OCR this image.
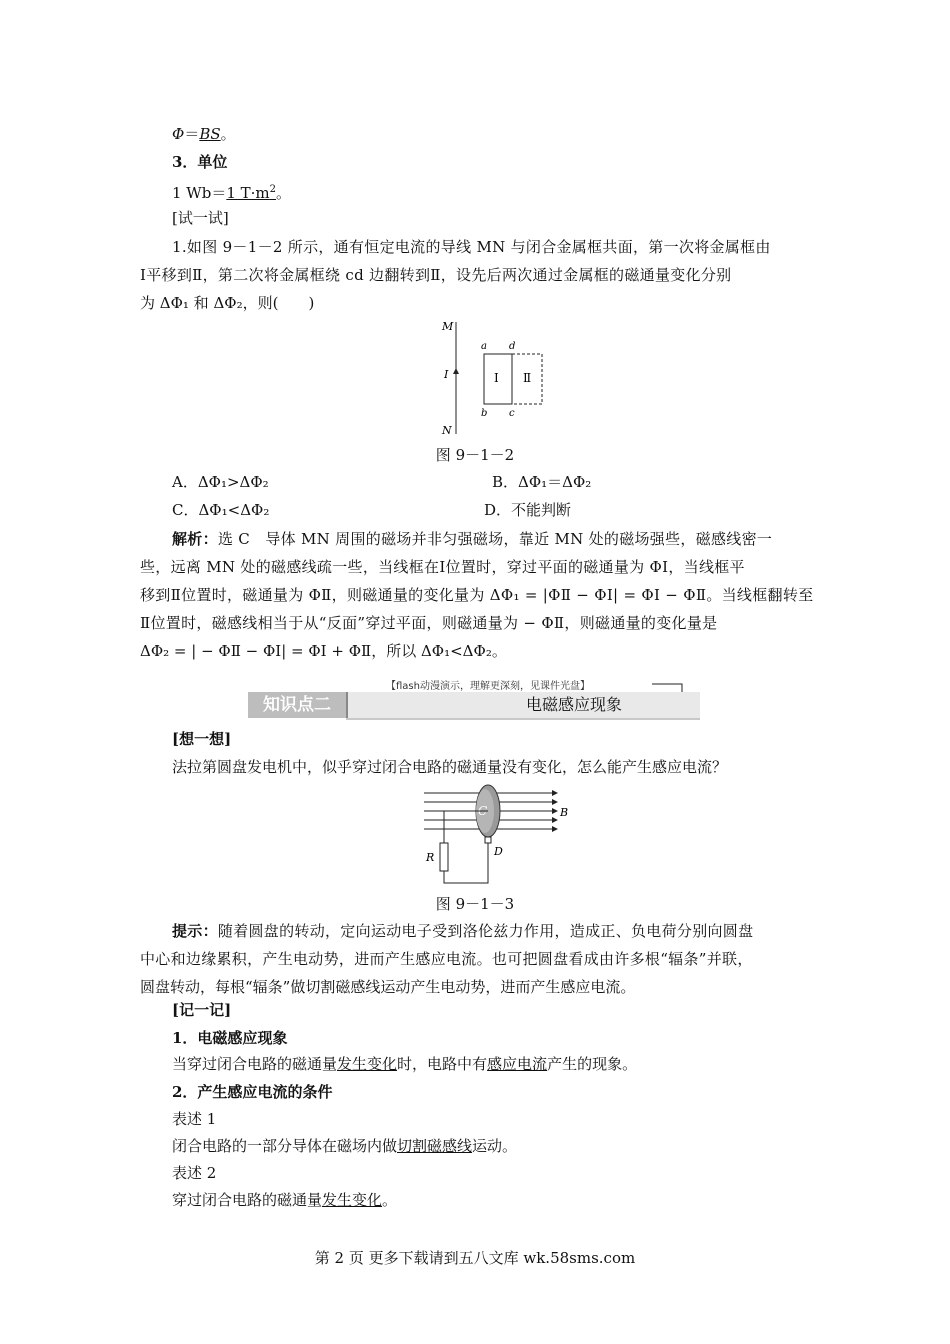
Φ＝BS。
3．单位
1 Wb＝1 $T\cdot m^2$。
[试一试]
1.如图 9－1－2 所示，通有恒定电流的导线 MN 与闭合金属框共面，第一次将金属框由
Ⅰ平移到Ⅱ，第二次将金属框绕 cd 边翻转到Ⅱ，设先后两次通过金属框的磁通量变化分别
为 ΔΦ₁ 和 ΔΦ₂，则(　　)
M
I
N
a d
b c
Ⅰ Ⅱ
图 9－1－2
A．ΔΦ₁>ΔΦ₂	B．ΔΦ₁＝ΔΦ₂
C．ΔΦ₁<ΔΦ₂	D．不能判断
解析：选 C　导体 MN 周围的磁场并非匀强磁场，靠近 MN 处的磁场强些，磁感线密一
些，远离 MN 处的磁感线疏一些，当线框在Ⅰ位置时，穿过平面的磁通量为 ΦⅠ，当线框平
移到Ⅱ位置时，磁通量为 ΦⅡ，则磁通量的变化量为 ΔΦ₁ = |ΦⅡ − ΦⅠ| = ΦⅠ − ΦⅡ。当线框翻转至
Ⅱ位置时，磁感线相当于从“反面”穿过平面，则磁通量为 − ΦⅡ，则磁通量的变化量是
ΔΦ₂ = | − ΦⅡ − ΦⅠ| = ΦⅠ + ΦⅡ，所以 ΔΦ₁<ΔΦ₂。
【flash动漫演示，理解更深刻，见课件光盘】
电磁感应现象
知识点二
[想一想]
法拉第圆盘发电机中，似乎穿过闭合电路的磁通量没有变化，怎么能产生感应电流？
C	B
R	D
图 9－1－3
提示：随着圆盘的转动，定向运动电子受到洛伦兹力作用，造成正、负电荷分别向圆盘
中心和边缘累积，产生电动势，进而产生感应电流。也可把圆盘看成由许多根“辐条”并联，
圆盘转动，每根“辐条”做切割磁感线运动产生电动势，进而产生感应电流。
[记一记]
1．电磁感应现象
当穿过闭合电路的磁通量发生变化时，电路中有感应电流产生的现象。
2．产生感应电流的条件
表述 1
闭合电路的一部分导体在磁场内做切割磁感线运动。
表述 2
穿过闭合电路的磁通量发生变化。
第 2 页 更多下载请到五八文库 wk.58sms.com
